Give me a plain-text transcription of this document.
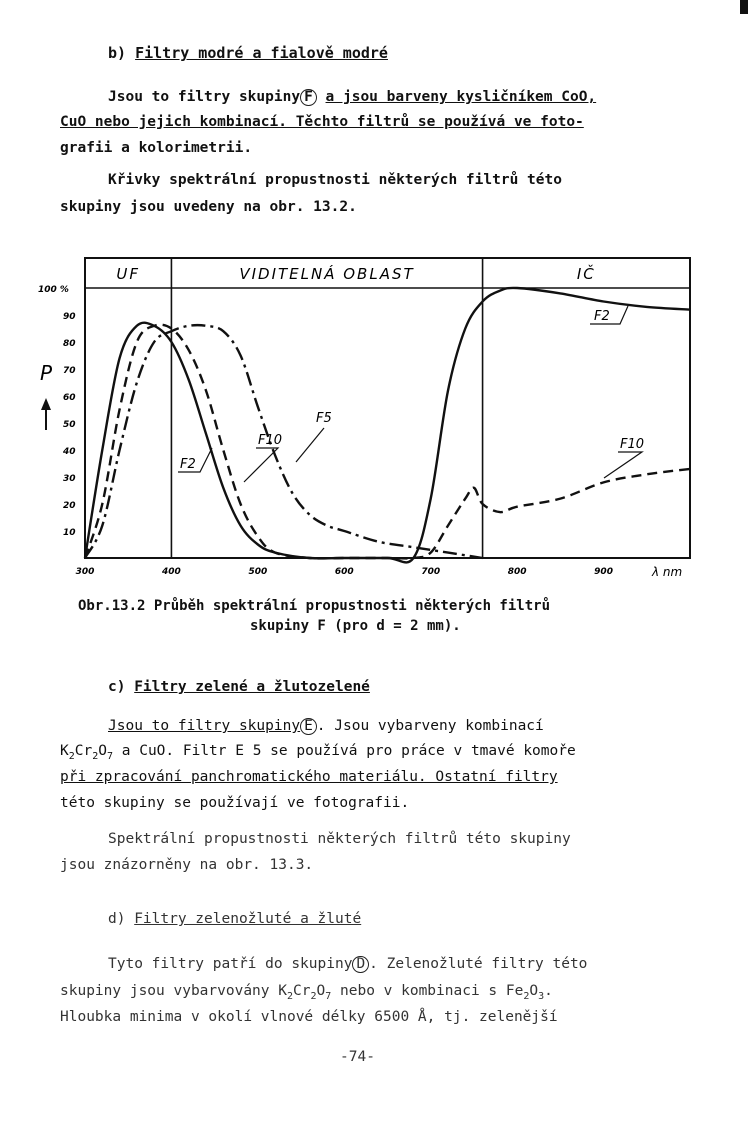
b) Filtry modré a fialově modré
Jsou to filtry skupiny F a jsou barveny kysličníkem CoO,
CuO nebo jejich kombinací. Těchto filtrů se používá ve foto-
grafii a kolorimetrii.
Křivky spektrální propustnosti některých filtrů této
skupiny jsou uvedeny na obr. 13.2.
UF	VIDITELNÁ OBLAST	IČ
10
20
30
40
50
60
70
80
90
100 %
300	400	500	600	700	800	900
F2
F10
F5
F2
F10
P
λ nm
Obr.13.2 Průběh spektrální propustnosti některých filtrů
skupiny F (pro d = 2 mm).
c) Filtry zelené a žlutozelené
Jsou to filtry skupiny E . Jsou vybarveny kombinací
$K_2Cr_2O_7$ a CuO. Filtr E 5 se používá pro práce v tmavé komoře
při zpracování panchromatického materiálu. Ostatní filtry
této skupiny se používají ve fotografii.
Spektrální propustnosti některých filtrů této skupiny
jsou znázorněny na obr. 13.3.
d) Filtry zelenožluté a žluté
Tyto filtry patří do skupiny D . Zelenožluté filtry této
skupiny jsou vybarvovány $K_2Cr_2O_7$ nebo v kombinaci s $Fe_2O_3$.
Hloubka minima v okolí vlnové délky 6500 Å, tj. zelenější
-74-
